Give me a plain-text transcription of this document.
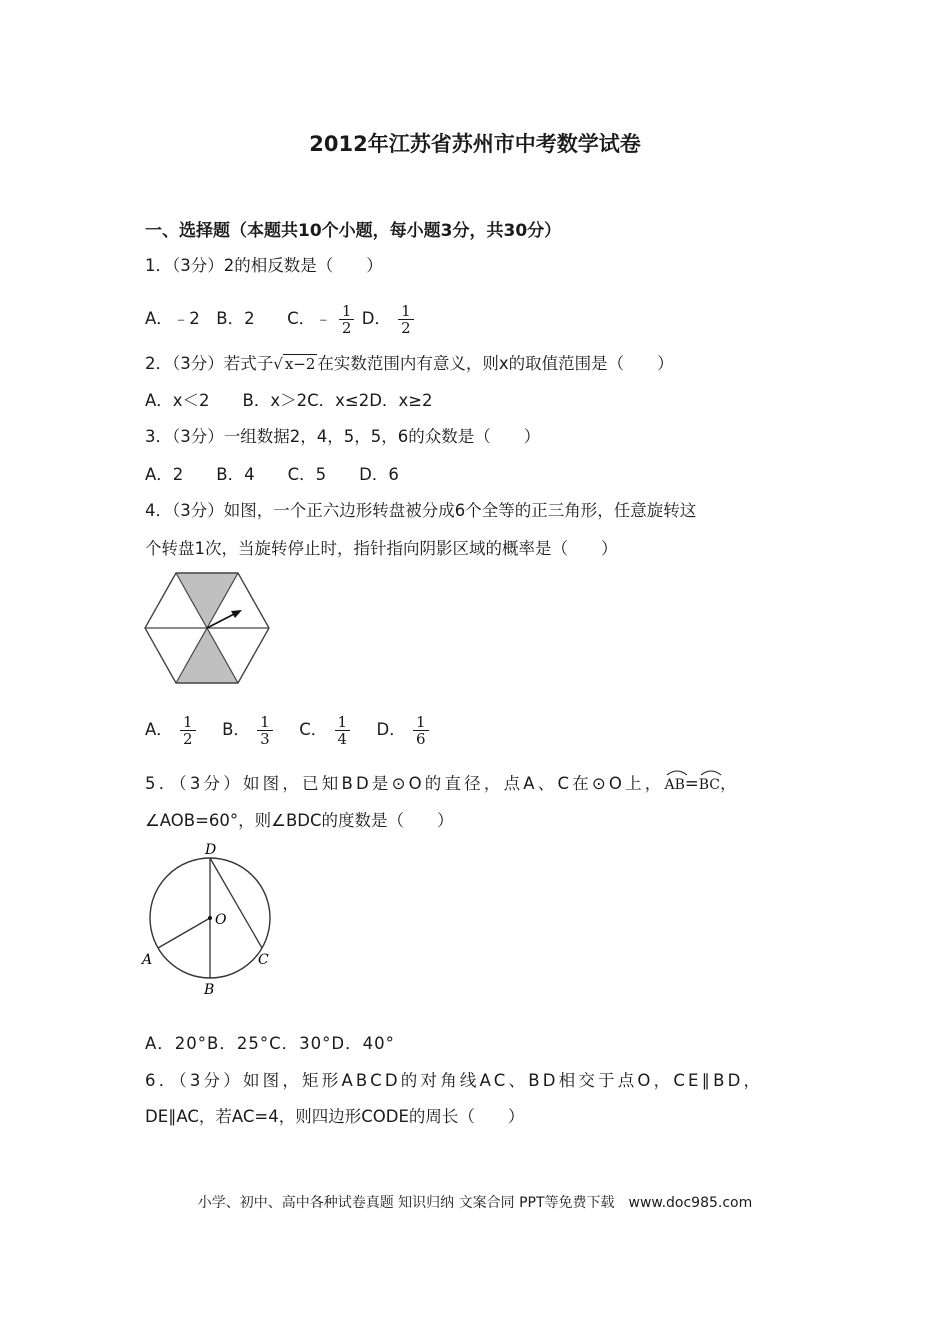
2012年江苏省苏州市中考数学试卷
一、选择题（本题共10个小题，每小题3分，共30分）
1．（3分）2的相反数是（　　）
A．﹣2 B．2 C．﹣ $\frac{1}{2}$ D． $\frac{1}{2}$
2．（3分）若式子√ x−2 在实数范围内有意义，则x的取值范围是（　　）
A．x＜2　　B．x＞2C．x≤2D．x≥2
3．（3分）一组数据2，4，5，5，6的众数是（　　）
A．2　　B．4　　C．5　　D．6
4．（3分）如图，一个正六边形转盘被分成6个全等的正三角形，任意旋转这
个转盘1次，当旋转停止时，指针指向阴影区域的概率是（　　）
A． $\frac{1}{2}$ B． $\frac{1}{3}$ C． $\frac{1}{4}$ D． $\frac{1}{6}$
5．（3分）如图，已知BD是⊙O的直径，点A、C在⊙O上，
AB=
BC，
∠AOB=60°，则∠BDC的度数是（　　）
D
O
A	C
B
A．20°B．25°C．30°D．40°
6．（3分）如图，矩形ABCD的对角线AC、BD相交于点O，CE∥BD，
DE∥AC，若AC=4，则四边形CODE的周长（　　）
小学、初中、高中各种试卷真题 知识归纳 文案合同 PPT等免费下载　www.doc985.com
